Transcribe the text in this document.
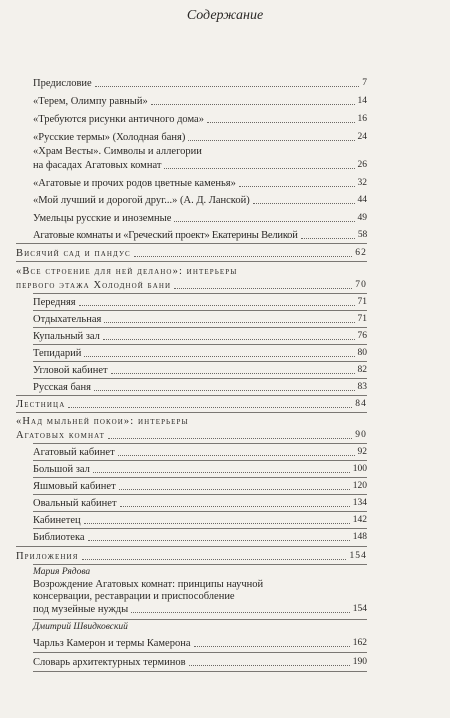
Содержание
Предисловие	7
«Терем, Олимпу равный»	14
«Требуются рисунки античного дома»	16
«Русские термы» (Холодная баня)	24
«Храм Весты». Символы и аллегории
на фасадах Агатовых комнат	26
«Агатовые и прочих родов цветные каменья»	32
«Мой лучший и дорогой друг...» (А. Д. Ланской)	44
Умельцы русские и иноземные	49
Агатовые комнаты и «Греческий проект» Екатерины Великой	58
Висячий сад и пандус	62
«Все строение для ней делано»: интерьеры
первого этажа Холодной бани	70
Передняя	71
Отдыхательная	71
Купальный зал	76
Тепидарий	80
Угловой кабинет	82
Русская баня	83
Лестница	84
«Над мыльней покои»: интерьеры
Агатовых комнат	90
Агатовый кабинет	92
Большой зал	100
Яшмовый кабинет	120
Овальный кабинет	134
Кабинетец	142
Библиотека	148
Приложения	154
Мария Рядова
Возрождение Агатовых комнат: принципы научной
консервации, реставрации и приспособление
под музейные нужды	154
Дмитрий Швидковский
Чарльз Камерон и термы Камерона	162
Словарь архитектурных терминов	190
